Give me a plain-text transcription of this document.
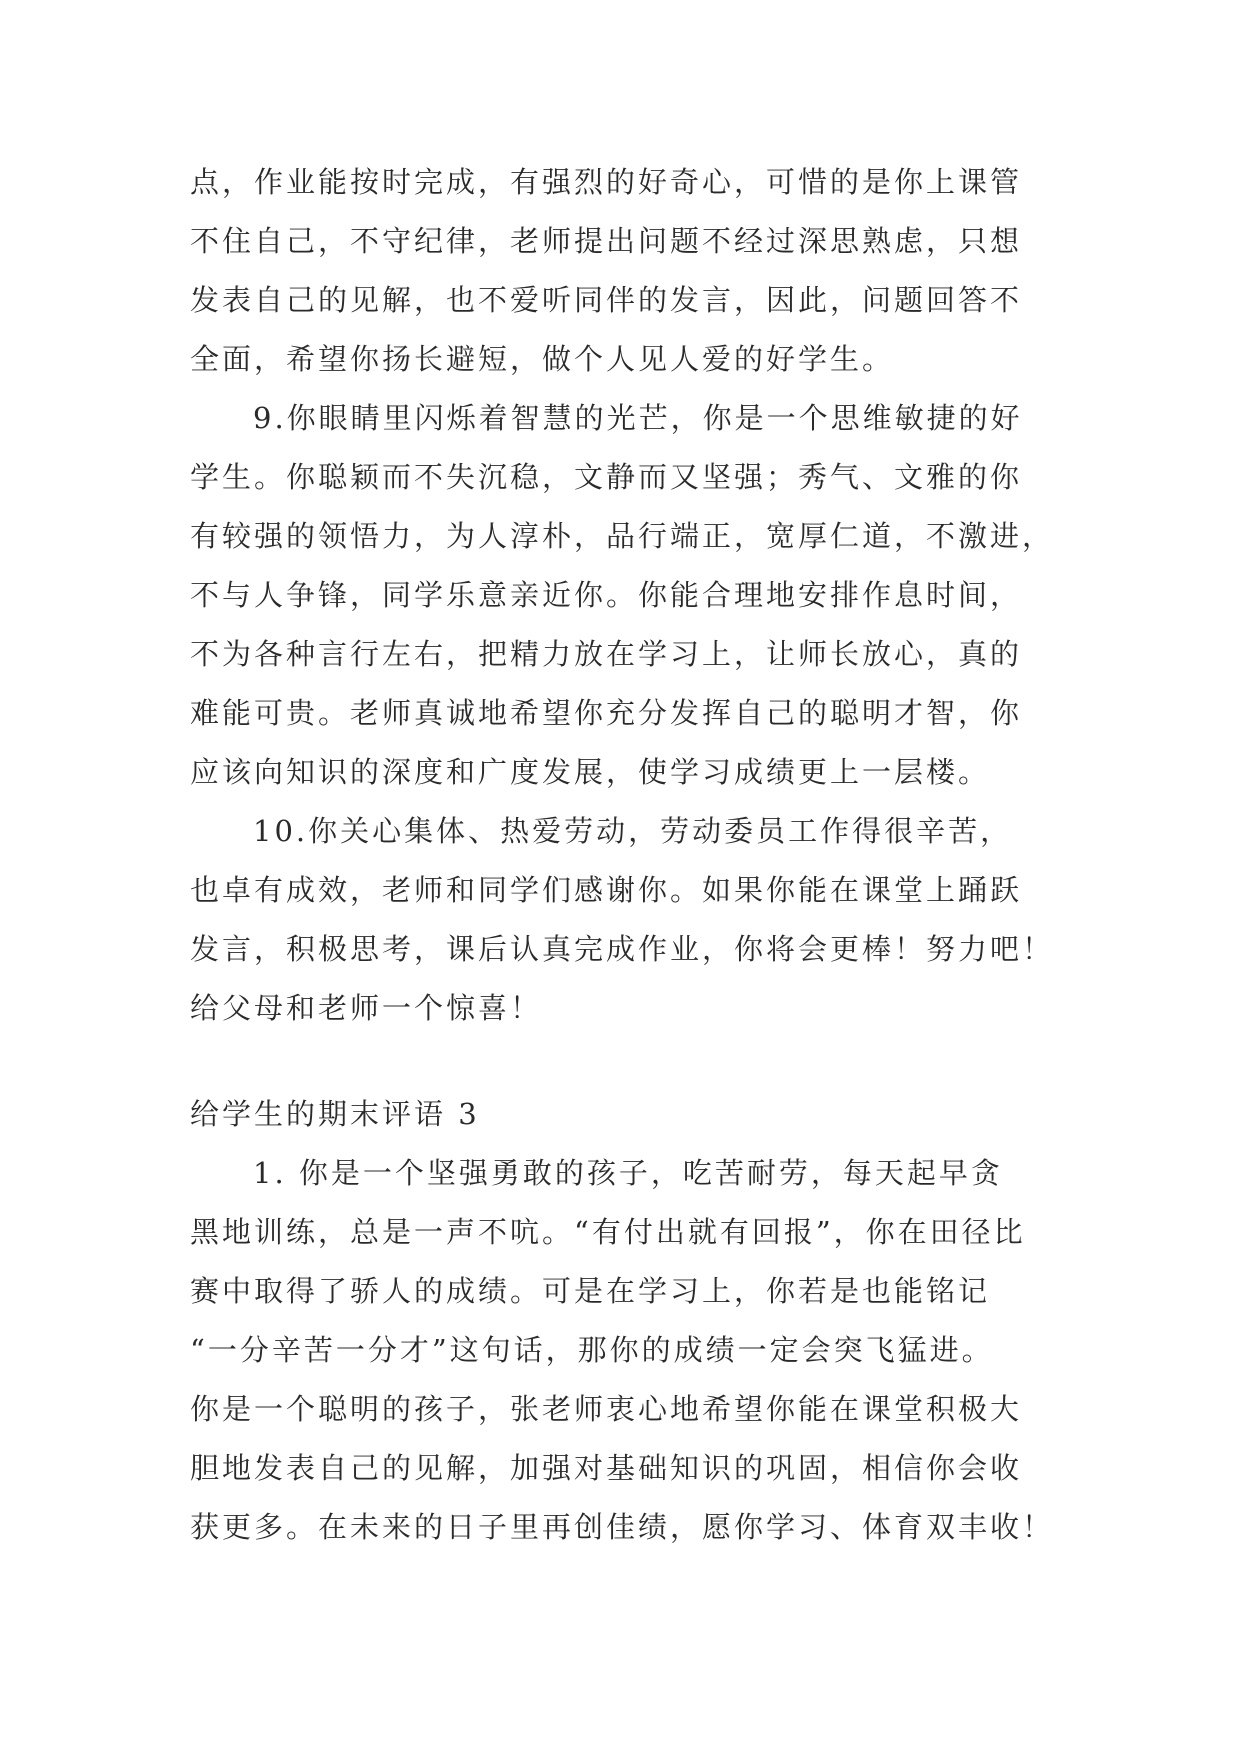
点，作业能按时完成，有强烈的好奇心，可惜的是你上课管
不住自己，不守纪律，老师提出问题不经过深思熟虑，只想
发表自己的见解，也不爱听同伴的发言，因此，问题回答不
全面，希望你扬长避短，做个人见人爱的好学生。
9.你眼睛里闪烁着智慧的光芒，你是一个思维敏捷的好
学生。你聪颖而不失沉稳，文静而又坚强；秀气、文雅的你
有较强的领悟力，为人淳朴，品行端正，宽厚仁道，不激进，
不与人争锋，同学乐意亲近你。你能合理地安排作息时间，
不为各种言行左右，把精力放在学习上，让师长放心，真的
难能可贵。老师真诚地希望你充分发挥自己的聪明才智，你
应该向知识的深度和广度发展，使学习成绩更上一层楼。
10.你关心集体、热爱劳动，劳动委员工作得很辛苦，
也卓有成效，老师和同学们感谢你。如果你能在课堂上踊跃
发言，积极思考，课后认真完成作业，你将会更棒！努力吧！
给父母和老师一个惊喜！
给学生的期末评语 3
1. 你是一个坚强勇敢的孩子，吃苦耐劳，每天起早贪
黑地训练，总是一声不吭。“有付出就有回报”，你在田径比
赛中取得了骄人的成绩。可是在学习上，你若是也能铭记
“一分辛苦一分才”这句话，那你的成绩一定会突飞猛进。
你是一个聪明的孩子，张老师衷心地希望你能在课堂积极大
胆地发表自己的见解，加强对基础知识的巩固，相信你会收
获更多。在未来的日子里再创佳绩，愿你学习、体育双丰收！
